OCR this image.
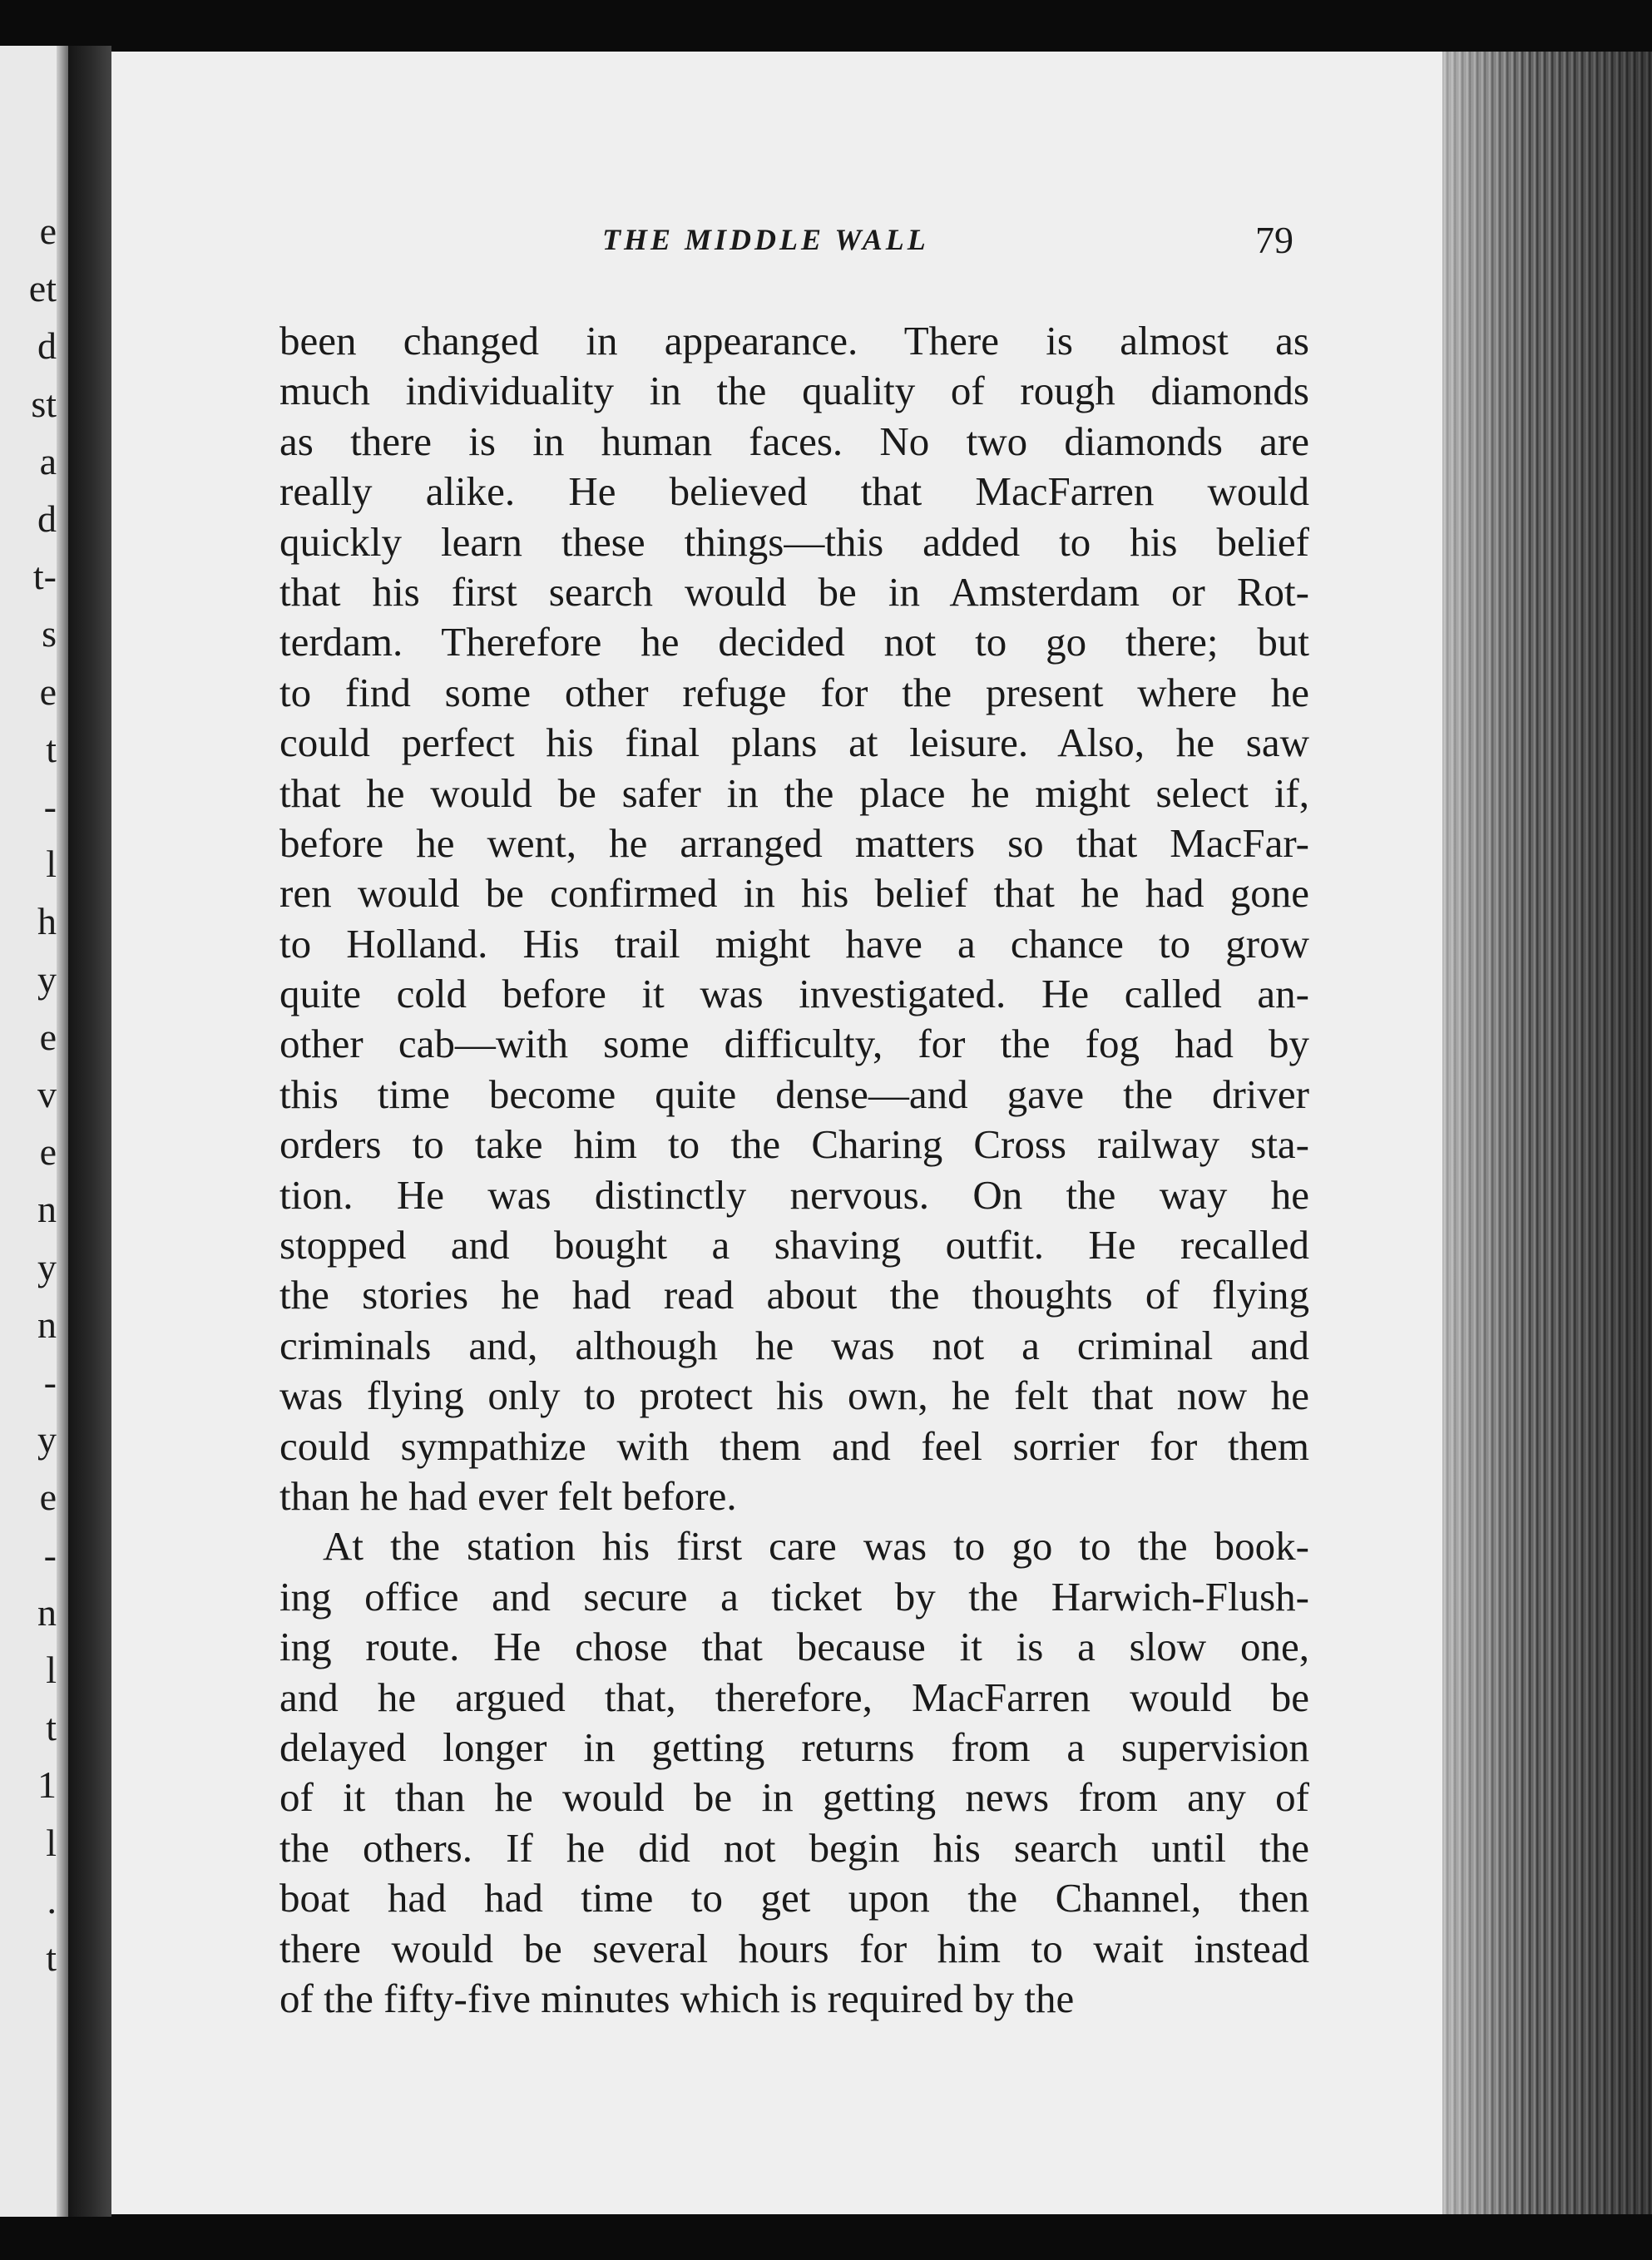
e
et
d
st
a
d
t-
s
e
t
-
l
h
y
e
v
e
n
y
n
-
y
e
-
n
l
t
1
l
.
t
THE MIDDLE WALL	79
been changed in appearance. There is almost as
much individuality in the quality of rough diamonds
as there is in human faces. No two diamonds are
really alike. He believed that MacFarren would
quickly learn these things—this added to his belief
that his first search would be in Amsterdam or Rot-
terdam. Therefore he decided not to go there; but
to find some other refuge for the present where he
could perfect his final plans at leisure. Also, he saw
that he would be safer in the place he might select if,
before he went, he arranged matters so that MacFar-
ren would be confirmed in his belief that he had gone
to Holland. His trail might have a chance to grow
quite cold before it was investigated. He called an-
other cab—with some difficulty, for the fog had by
this time become quite dense—and gave the driver
orders to take him to the Charing Cross railway sta-
tion. He was distinctly nervous. On the way he
stopped and bought a shaving outfit. He recalled
the stories he had read about the thoughts of flying
criminals and, although he was not a criminal and
was flying only to protect his own, he felt that now he
could sympathize with them and feel sorrier for them
than he had ever felt before.
At the station his first care was to go to the book-
ing office and secure a ticket by the Harwich-Flush-
ing route. He chose that because it is a slow one,
and he argued that, therefore, MacFarren would be
delayed longer in getting returns from a supervision
of it than he would be in getting news from any of
the others. If he did not begin his search until the
boat had had time to get upon the Channel, then
there would be several hours for him to wait instead
of the fifty-five minutes which is required by the
